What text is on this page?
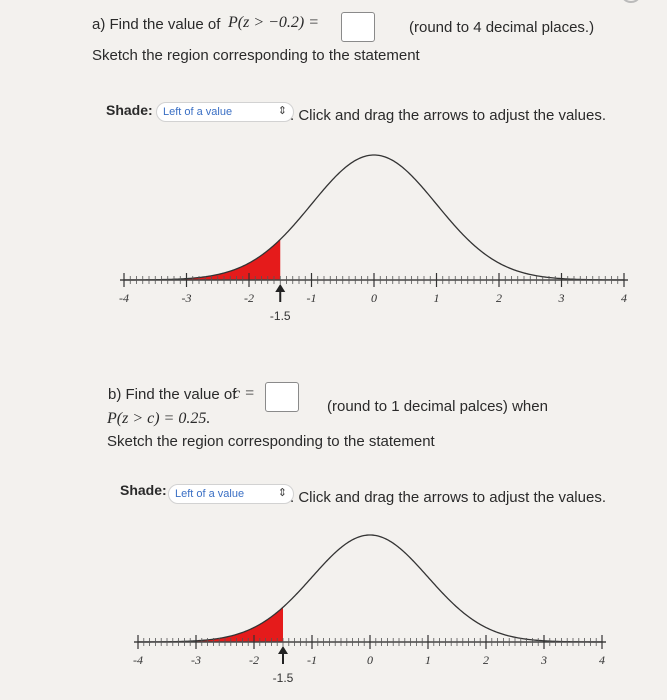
a) Find the value of P(z > −0.2) =	(round to 4 decimal places.)
Sketch the region corresponding to the statement
Shade: Left of a value	⇕ . Click and drag the arrows to adjust the values.
-4	-3	-2	-1	0	1	2	3	4
-1.5
b) Find the value of
c =
(round to 1 decimal palces) when
P(z > c) = 0.25.
Sketch the region corresponding to the statement
Shade: Left of a value	⇕ . Click and drag the arrows to adjust the values.
-4	-3	-2	-1	0	1	2	3	4
-1.5
